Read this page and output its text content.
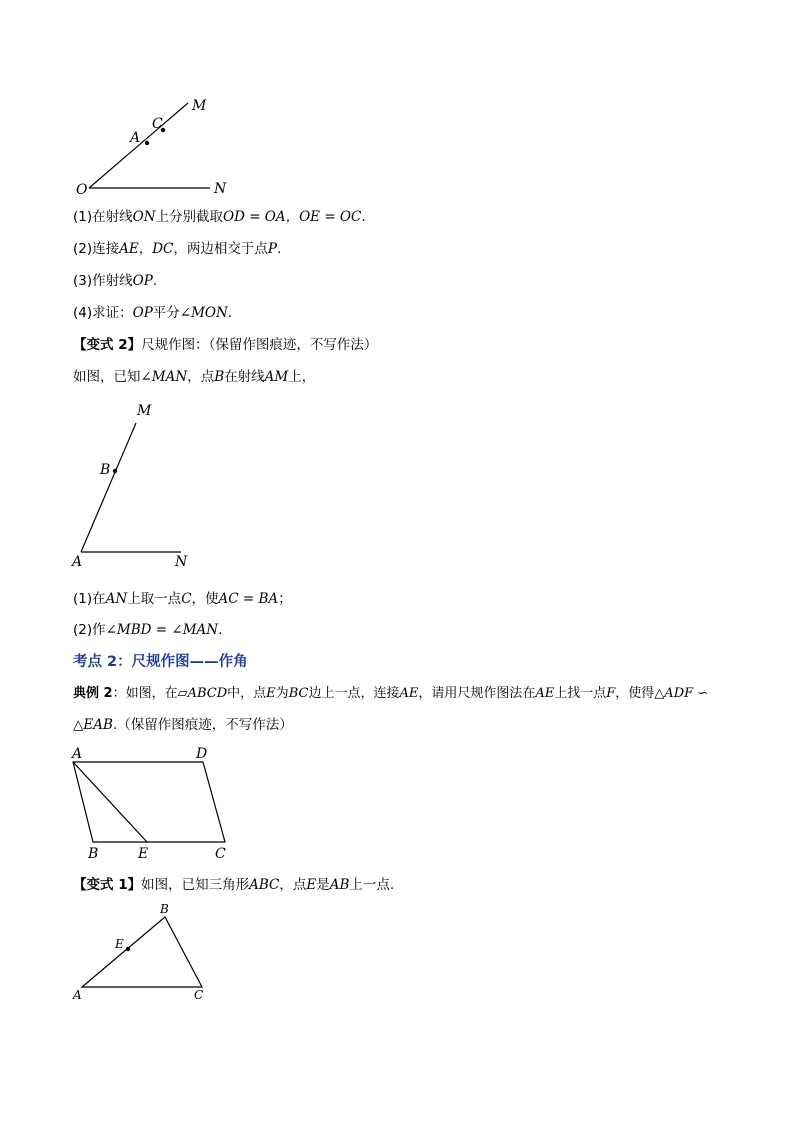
M
C
A
O	N
(1)在射线ON上分别截取OD = OA，OE = OC.
(2)连接AE，DC，两边相交于点P.
(3)作射线OP.
(4)求证：OP平分∠MON.
【变式 2】尺规作图：（保留作图痕迹，不写作法）
如图，已知∠MAN，点B在射线AM上，
M
B
A	N
(1)在AN上取一点C，使AC = BA；
(2)作∠MBD = ∠MAN.
考点 2：尺规作图——作角
典例 2：如图，在▱ABCD中，点E为BC边上一点，连接AE，请用尺规作图法在AE上找一点F，使得△ADF ∽
△EAB.（保留作图痕迹，不写作法）
A	D
B	E	C
【变式 1】如图，已知三角形ABC，点E是AB上一点.
B
E
A	C
